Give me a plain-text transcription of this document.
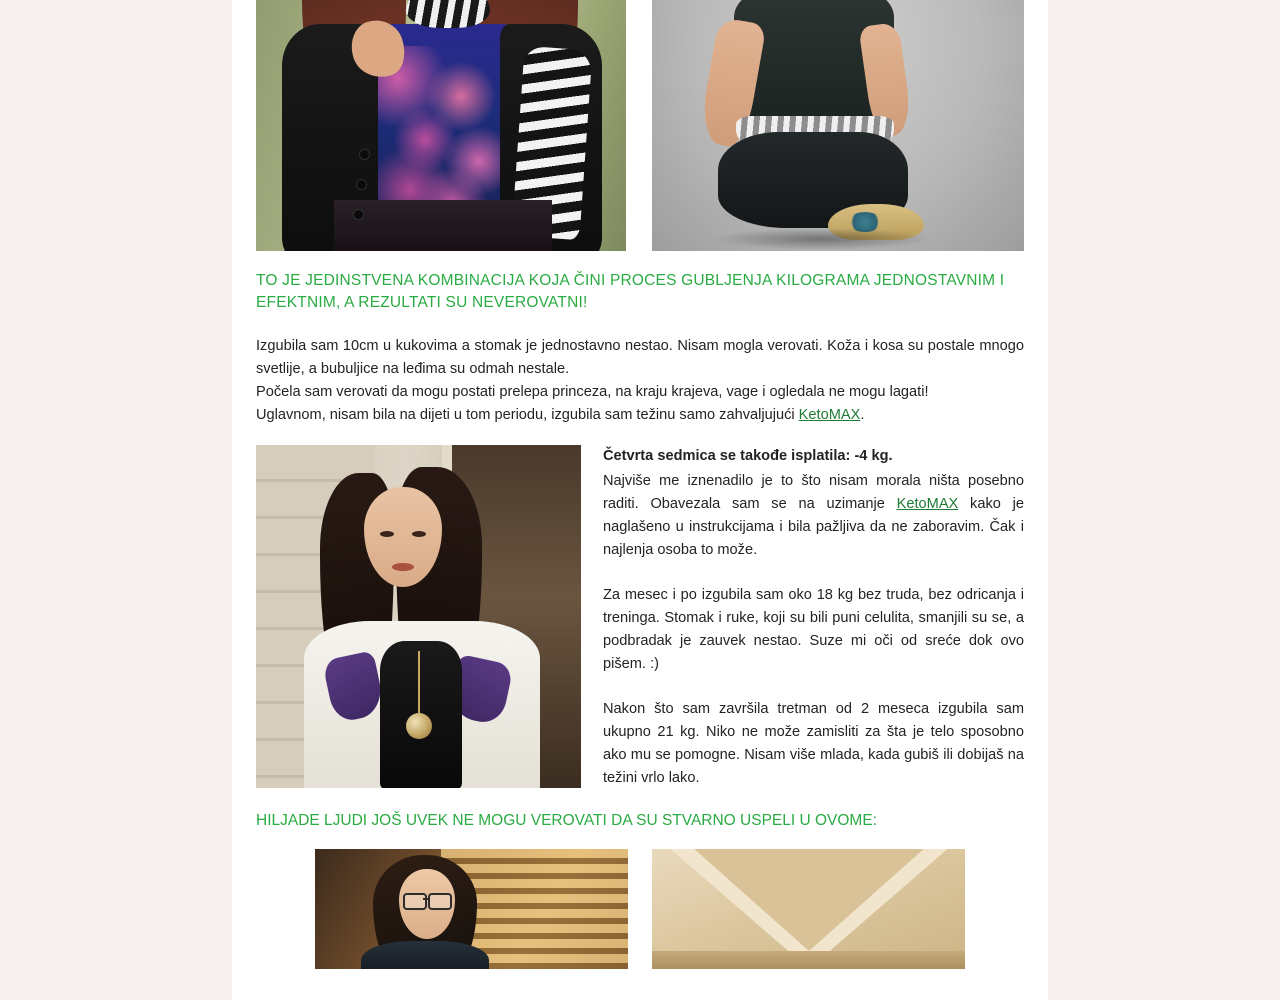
TO JE JEDINSTVENA KOMBINACIJA KOJA ČINI PROCES GUBLJENJA KILOGRAMA JEDNOSTAVNIM I EFEKTNIM, A REZULTATI SU NEVEROVATNI!

Izgubila sam 10cm u kukovima a stomak je jednostavno nestao. Nisam mogla verovati. Koža i kosa su postale mnogo svetlije, a bubuljice na leđima su odmah nestale.

Počela sam verovati da mogu postati prelepa princeza, na kraju krajeva, vage i ogledala ne mogu lagati!

Uglavnom, nisam bila na dijeti u tom periodu, izgubila sam težinu samo zahvaljujući KetoMAX.

Četvrta sedmica se takođe isplatila: -4 kg.

Najviše me iznenadilo je to što nisam morala ništa posebno raditi. Obavezala sam se na uzimanje KetoMAX kako je naglašeno u instrukcijama i bila pažljiva da ne zaboravim. Čak i najlenja osoba to može.

Za mesec i po izgubila sam oko 18 kg bez truda, bez odricanja i treninga. Stomak i ruke, koji su bili puni celulita, smanjili su se, a podbradak je zauvek nestao. Suze mi oči od sreće dok ovo pišem. :)

Nakon što sam završila tretman od 2 meseca izgubila sam ukupno 21 kg. Niko ne može zamisliti za šta je telo sposobno ako mu se pomogne. Nisam više mlada, kada gubiš ili dobijaš na težini vrlo lako.

HILJADE LJUDI JOŠ UVEK NE MOGU VEROVATI DA SU STVARNO USPELI U OVOME:
